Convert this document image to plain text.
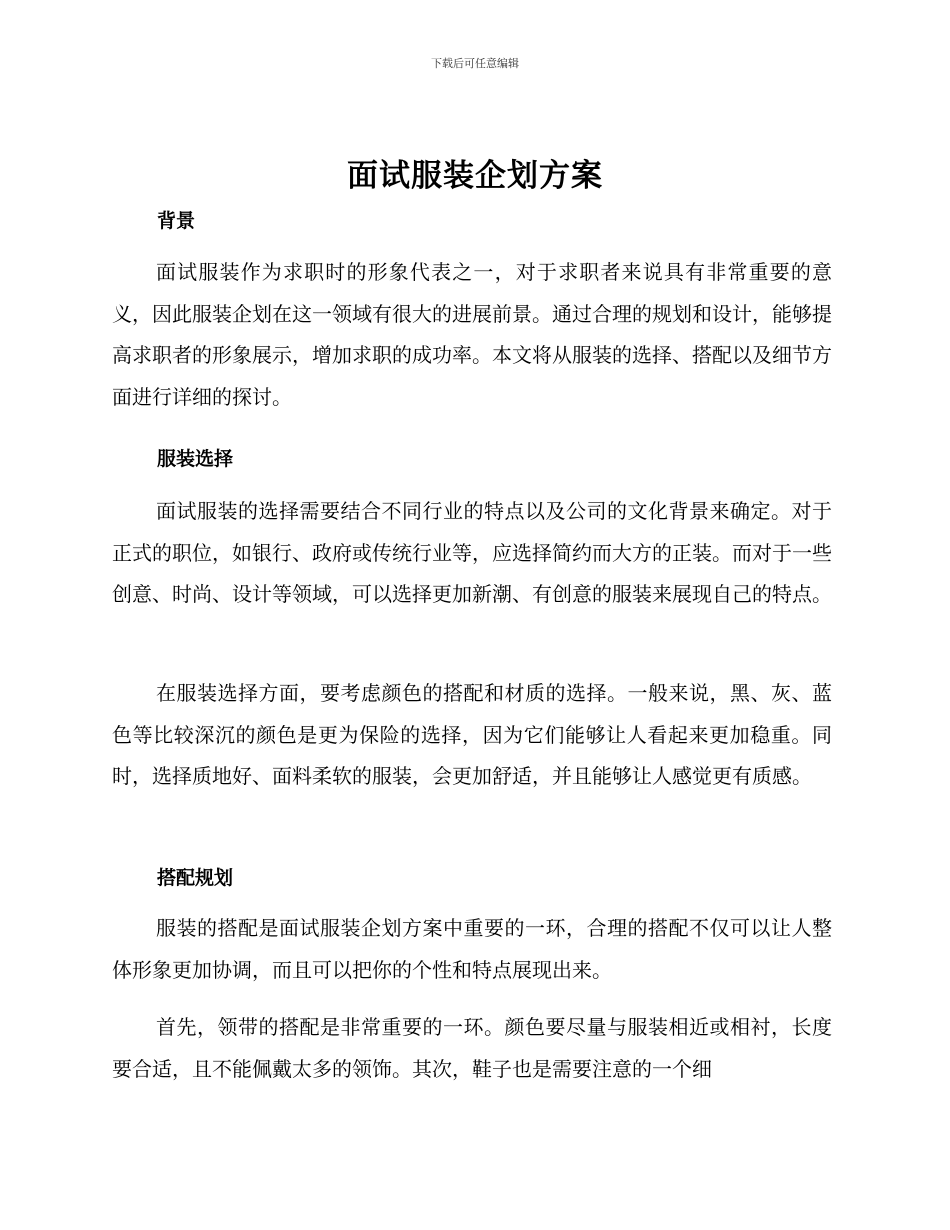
下载后可任意编辑
面试服装企划方案
背景

面试服装作为求职时的形象代表之一，对于求职者来说具有非常重要的意义，因此服装企划在这一领域有很大的进展前景。通过合理的规划和设计，能够提高求职者的形象展示，增加求职的成功率。本文将从服装的选择、搭配以及细节方面进行详细的探讨。

服装选择

面试服装的选择需要结合不同行业的特点以及公司的文化背景来确定。对于正式的职位，如银行、政府或传统行业等，应选择简约而大方的正装。而对于一些创意、时尚、设计等领域，可以选择更加新潮、有创意的服装来展现自己的特点。

在服装选择方面，要考虑颜色的搭配和材质的选择。一般来说，黑、灰、蓝色等比较深沉的颜色是更为保险的选择，因为它们能够让人看起来更加稳重。同时，选择质地好、面料柔软的服装，会更加舒适，并且能够让人感觉更有质感。

搭配规划

服装的搭配是面试服装企划方案中重要的一环，合理的搭配不仅可以让人整体形象更加协调，而且可以把你的个性和特点展现出来。

首先，领带的搭配是非常重要的一环。颜色要尽量与服装相近或相衬，长度要合适，且不能佩戴太多的领饰。其次，鞋子也是需要注意的一个细
